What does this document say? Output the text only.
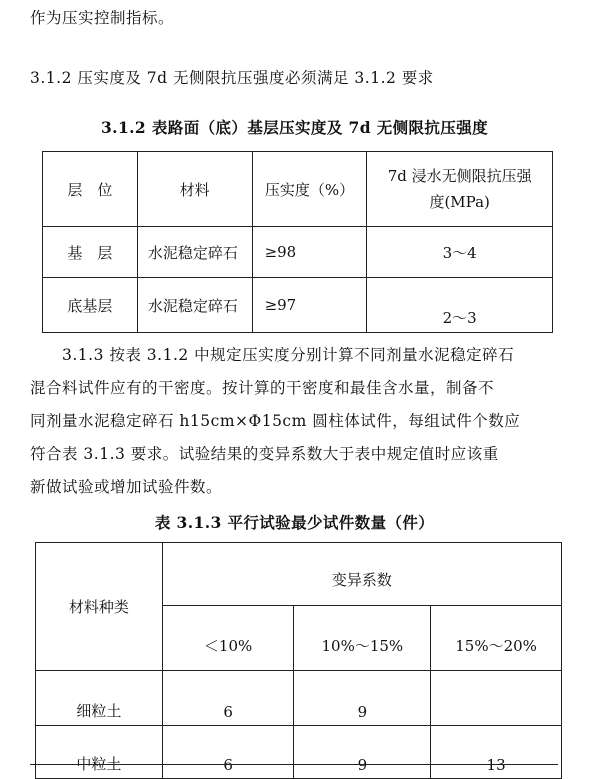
作为压实控制指标。
3.1.2 压实度及 7d 无侧限抗压强度必须满足 3.1.2 要求
3.1.2 表路面（底）基层压实度及 7d 无侧限抗压强度
层　位	材料	压实度（%）	7d 浸水无侧限抗压强
度(MPa)

基　层	水泥稳定碎石	≥98	3～4
底基层	水泥稳定碎石	≥97	2～3
3.1.3 按表 3.1.2 中规定压实度分别计算不同剂量水泥稳定碎石
混合料试件应有的干密度。按计算的干密度和最佳含水量，制备不
同剂量水泥稳定碎石 h15cm×Φ15cm 圆柱体试件，每组试件个数应
符合表 3.1.3 要求。试验结果的变异系数大于表中规定值时应该重
新做试验或增加试验件数。
表 3.1.3 平行试验最少试件数量（件）
材料种类	变异系数		
	＜10%	10%～15%	15%～20%
细粒土	6	9	
中粒土	6	9	13
